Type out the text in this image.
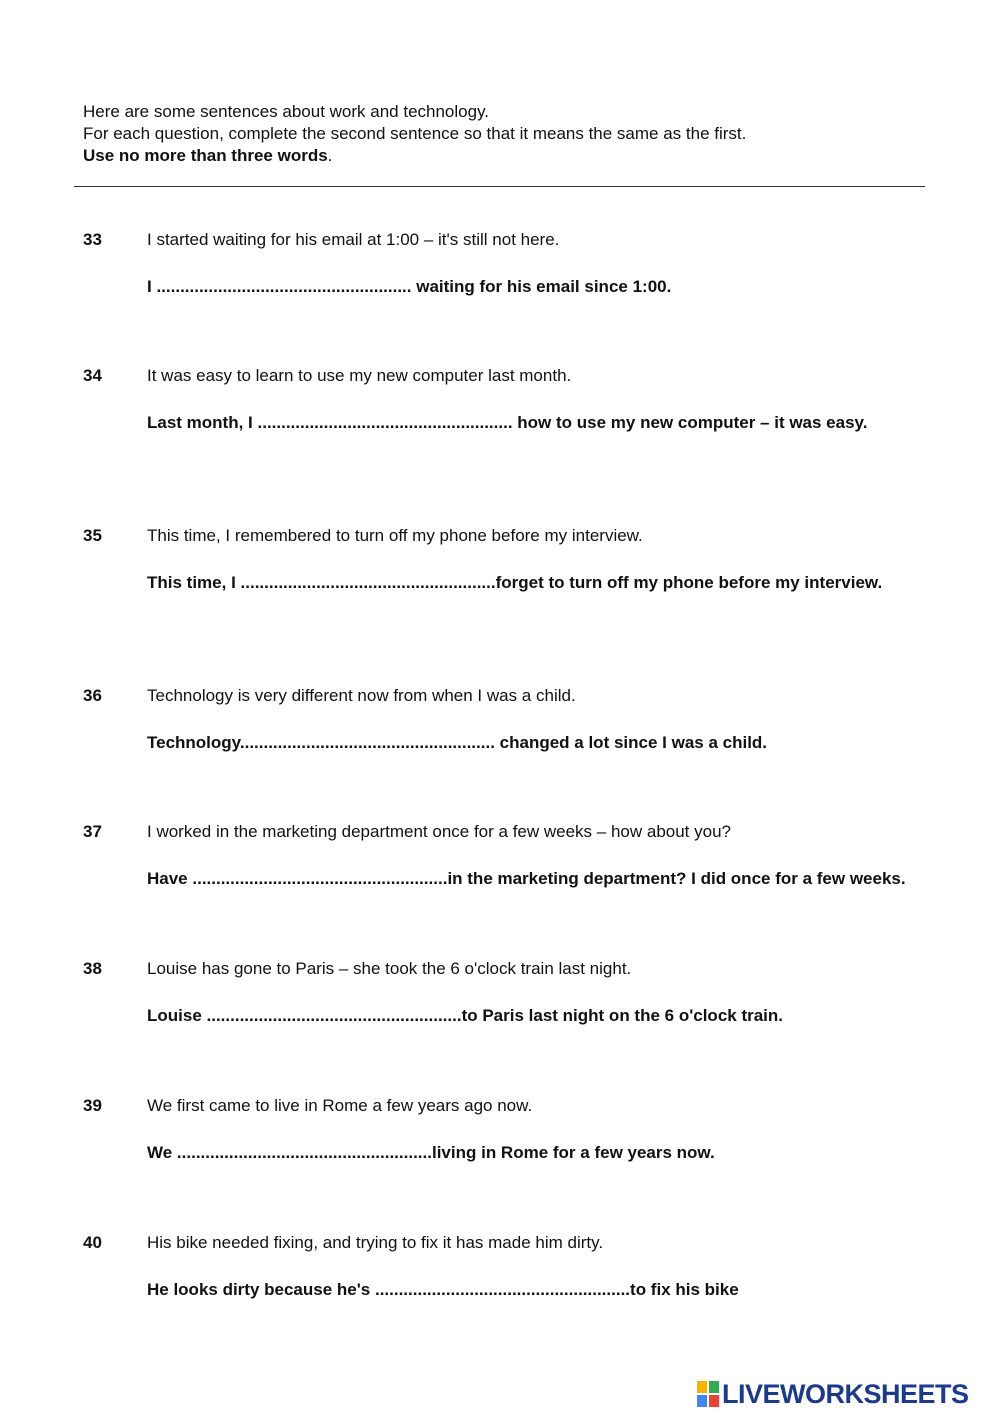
Here are some sentences about work and technology.
For each question, complete the second sentence so that it means the same as the first.
Use no more than three words.
33	I started waiting for his email at 1:00 – it's still not here.
I ...................................................... waiting for his email since 1:00.
34	It was easy to learn to use my new computer last month.
Last month, I ...................................................... how to use my new computer – it was easy.
35	This time, I remembered to turn off my phone before my interview.
This time, I ......................................................forget to turn off my phone before my interview.
36	Technology is very different now from when I was a child.
Technology...................................................... changed a lot since I was a child.
37	I worked in the marketing department once for a few weeks – how about you?
Have ......................................................in the marketing department? I did once for a few weeks.
38	Louise has gone to Paris – she took the 6 o'clock train last night.
Louise ......................................................to Paris last night on the 6 o'clock train.
39	We first came to live in Rome a few years ago now.
We ......................................................living in Rome for a few years now.
40	His bike needed fixing, and trying to fix it has made him dirty.
He looks dirty because he's ......................................................to fix his bike
LIVEWORKSHEETS
